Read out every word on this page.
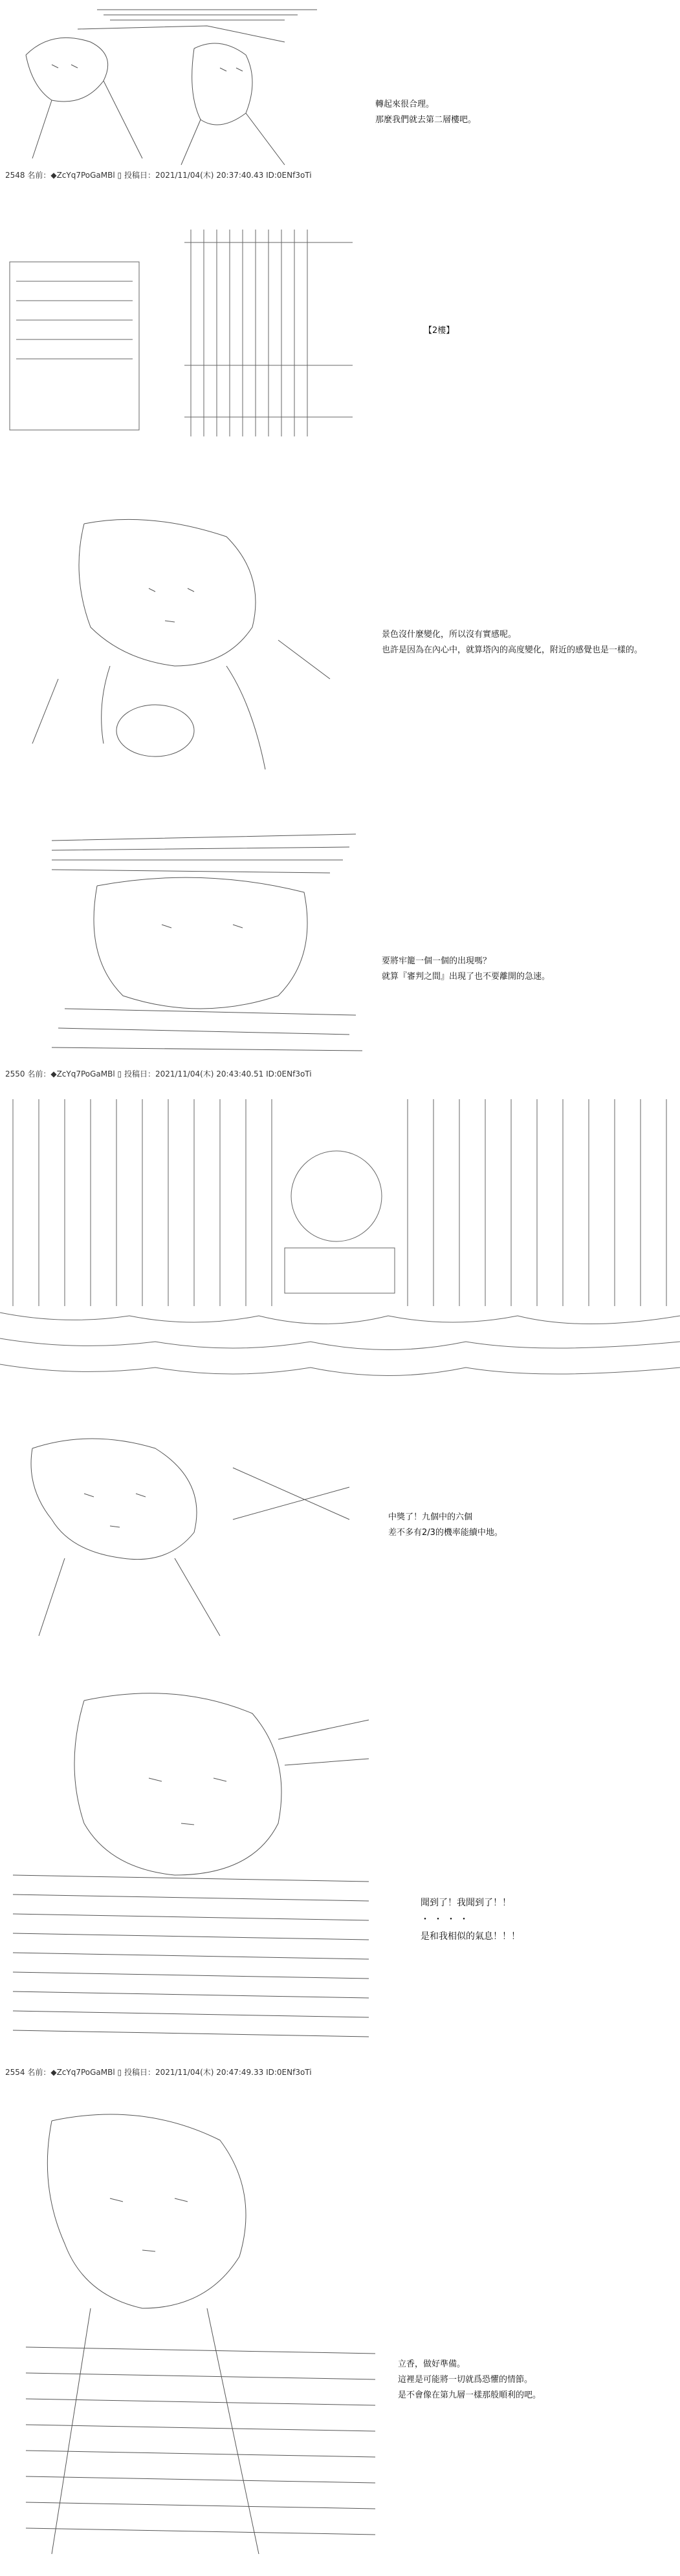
轉起來很合理。
那麼我們就去第二層樓吧。
2548 名前：◆ZcYq7PoGaMBl ▯ 投稿日：2021/11/04(木) 20:37:40.43 ID:0ENf3oTi
【2樓】
景色沒什麼變化，所以沒有實感呢。
也許是因為在內心中，就算塔內的高度變化，附近的感覺也是一樣的。
要將牢籠一個一個的出現嗎？
就算『審判之間』出現了也不要離開的急速。
2550 名前：◆ZcYq7PoGaMBl ▯ 投稿日：2021/11/04(木) 20:43:40.51 ID:0ENf3oTi
中獎了！九個中的六個
差不多有2/3的機率能續中地。
聞到了！我聞到了！！
・・・・
是和我相似的氣息！！！
2554 名前：◆ZcYq7PoGaMBl ▯ 投稿日：2021/11/04(木) 20:47:49.33 ID:0ENf3oTi
立香，做好準備。
這裡是可能將一切就爲恐懼的情節。
是不會像在第九層一樣那般順利的吧。
